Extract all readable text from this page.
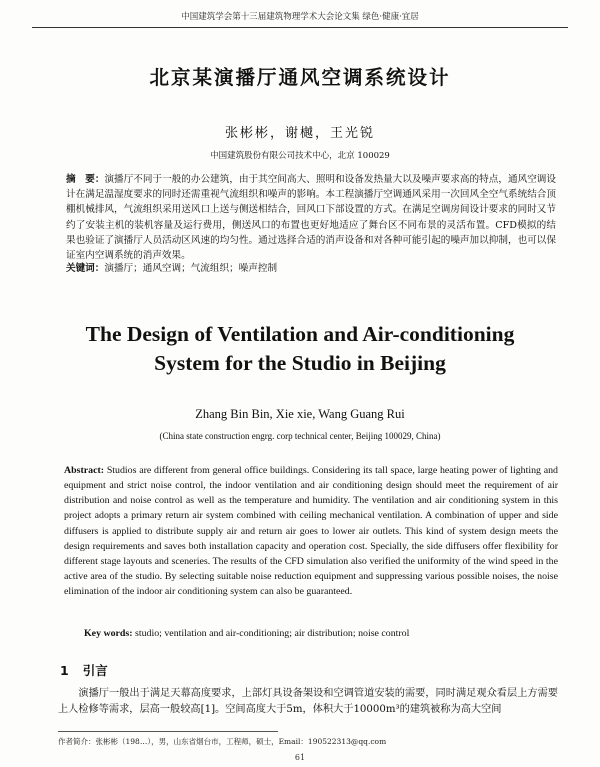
中国建筑学会第十三届建筑物理学术大会论文集 绿色·健康·宜居
北京某演播厅通风空调系统设计
张彬彬，谢樾，王光锐
中国建筑股份有限公司技术中心，北京 100029

摘　要：演播厅不同于一般的办公建筑，由于其空间高大、照明和设备发热量大以及噪声要求高的特点，通风空调设计在满足温湿度要求的同时还需重视气流组织和噪声的影响。本工程演播厅空调通风采用一次回风全空气系统结合顶棚机械排风，气流组织采用送风口上送与侧送相结合，回风口下部设置的方式。在满足空调房间设计要求的同时又节约了安装主机的装机容量及运行费用，侧送风口的布置也更好地适应了舞台区不同布景的灵活布置。CFD模拟的结果也验证了演播厅人员活动区风速的均匀性。通过选择合适的消声设备和对各种可能引起的噪声加以抑制，也可以保证室内空调系统的消声效果。

关键词：演播厅；通风空调；气流组织；噪声控制
The Design of Ventilation and Air-conditioning
System for the Studio in Beijing
Zhang Bin Bin, Xie xie, Wang Guang Rui
(China state construction engrg. corp technical center, Beijing 100029, China)

Abstract: Studios are different from general office buildings. Considering its tall space, large heating power of lighting and equipment and strict noise control, the indoor ventilation and air conditioning design should meet the requirement of air distribution and noise control as well as the temperature and humidity. The ventilation and air conditioning system in this project adopts a primary return air system combined with ceiling mechanical ventilation. A combination of upper and side diffusers is applied to distribute supply air and return air goes to lower air outlets. This kind of system design meets the design requirements and saves both installation capacity and operation cost. Specially, the side diffusers offer flexibility for different stage layouts and sceneries. The results of the CFD simulation also verified the uniformity of the wind speed in the active area of the studio. By selecting suitable noise reduction equipment and suppressing various possible noises, the noise elimination of the indoor air conditioning system can also be guaranteed.

Key words: studio; ventilation and air-conditioning; air distribution; noise control
1 引言

演播厅一般出于满足天幕高度要求，上部灯具设备架设和空调管道安装的需要，同时满足观众看层上方需要上人检修等需求，层高一般较高[1]。空间高度大于5m，体积大于10000m³的建筑被称为高大空间

作者简介：张彬彬（198…），男，山东省烟台市，工程师，硕士，Email：190522313@qq.com
61
